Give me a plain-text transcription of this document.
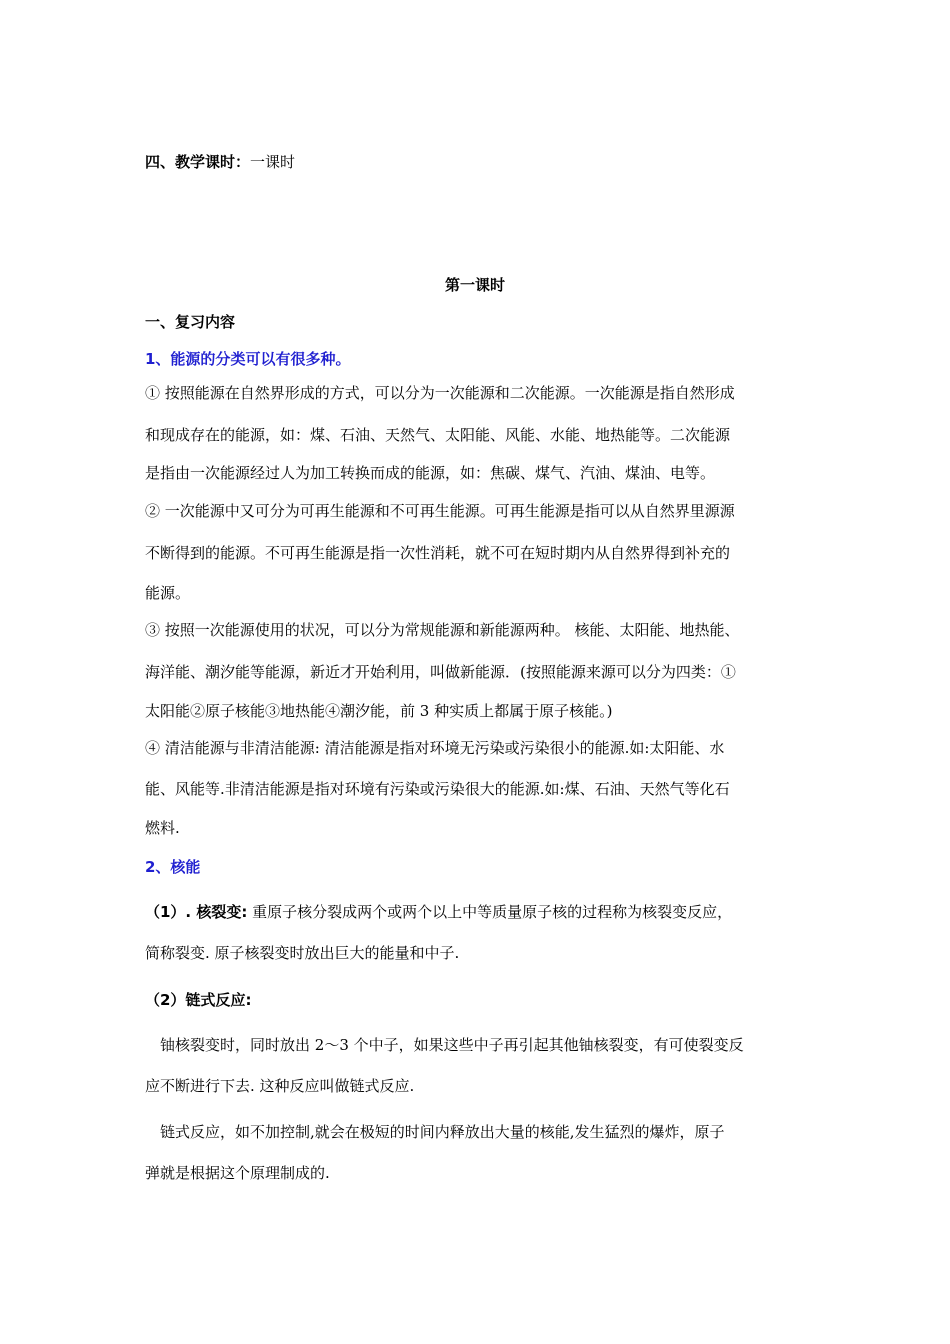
四、教学课时：一课时
第一课时
一、复习内容
1、能源的分类可以有很多种。
① 按照能源在自然界形成的方式，可以分为一次能源和二次能源。一次能源是指自然形成
和现成存在的能源，如：煤、石油、天然气、太阳能、风能、水能、地热能等。二次能源
是指由一次能源经过人为加工转换而成的能源，如：焦碳、煤气、汽油、煤油、电等。
② 一次能源中又可分为可再生能源和不可再生能源。可再生能源是指可以从自然界里源源
不断得到的能源。不可再生能源是指一次性消耗，就不可在短时期内从自然界得到补充的
能源。
③ 按照一次能源使用的状况，可以分为常规能源和新能源两种。 核能、太阳能、地热能、
海洋能、潮汐能等能源，新近才开始利用，叫做新能源．(按照能源来源可以分为四类：①
太阳能②原子核能③地热能④潮汐能，前 3 种实质上都属于原子核能。)
④ 清洁能源与非清洁能源: 清洁能源是指对环境无污染或污染很小的能源.如:太阳能、水
能、风能等.非清洁能源是指对环境有污染或污染很大的能源.如:煤、石油、天然气等化石
燃料.
2、核能
（1）. 核裂变: 重原子核分裂成两个或两个以上中等质量原子核的过程称为核裂变反应，
简称裂变. 原子核裂变时放出巨大的能量和中子.
（2）链式反应:
铀核裂变时，同时放出 2～3 个中子，如果这些中子再引起其他铀核裂变，有可使裂变反
应不断进行下去. 这种反应叫做链式反应.
链式反应，如不加控制,就会在极短的时间内释放出大量的核能,发生猛烈的爆炸，原子
弹就是根据这个原理制成的.
